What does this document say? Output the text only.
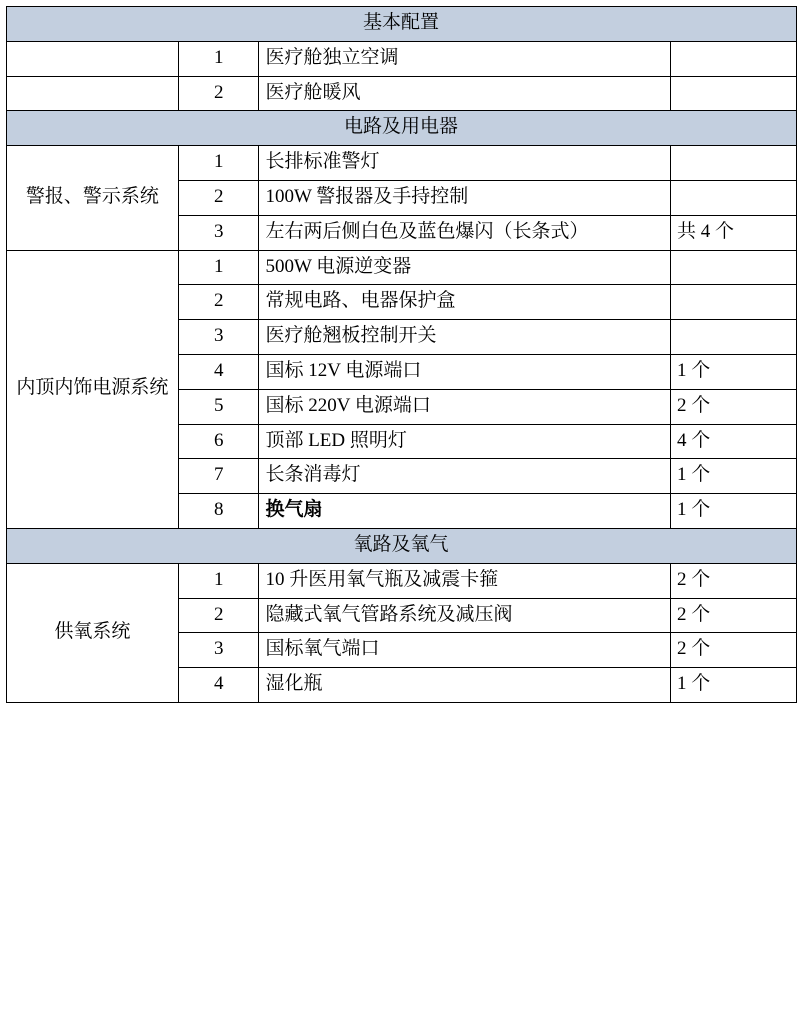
基本配置			
	1	医疗舱独立空调	
	2	医疗舱暖风	
电路及用电器			
警报、警示系统	1	长排标准警灯	
	2	100W 警报器及手持控制	
	3	左右两后侧白色及蓝色爆闪（长条式）	共 4 个
内顶内饰电源系统	1	500W 电源逆变器	
	2	常规电路、电器保护盒	
	3	医疗舱翘板控制开关	
	4	国标 12V 电源端口	1 个
	5	国标 220V 电源端口	2 个
	6	顶部 LED 照明灯	4 个
	7	长条消毒灯	1 个
	8	换气扇	1 个
氧路及氧气			
供氧系统	1	10 升医用氧气瓶及减震卡箍	2 个
	2	隐藏式氧气管路系统及减压阀	2 个
	3	国标氧气端口	2 个
	4	湿化瓶	1 个
